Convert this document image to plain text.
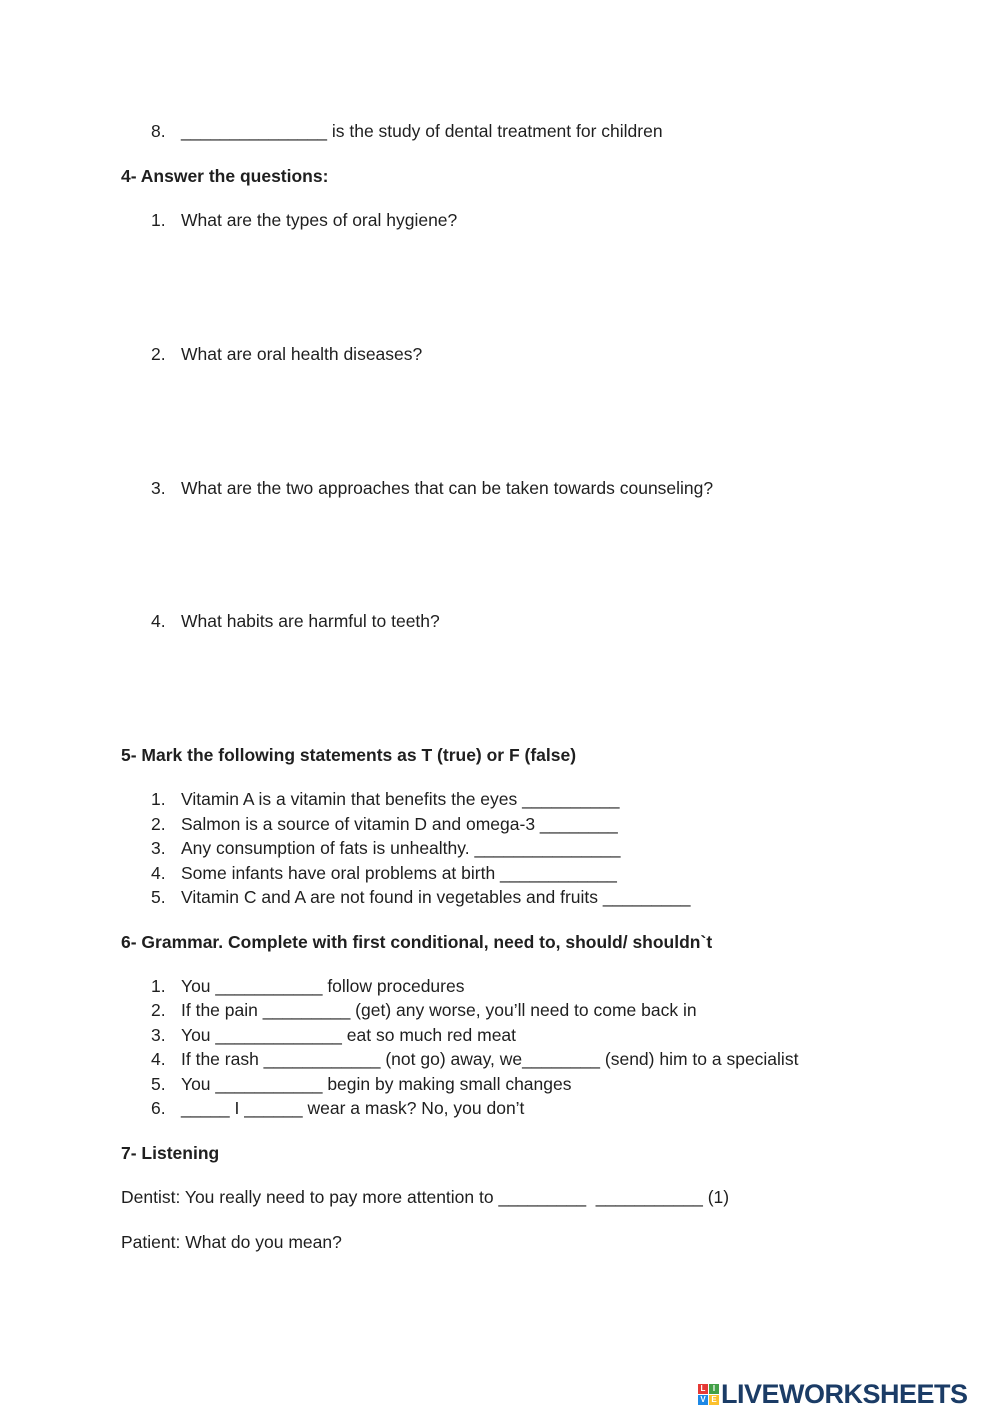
8. _______________ is the study of dental treatment for children
4- Answer the questions:
1. What are the types of oral hygiene?
2. What are oral health diseases?
3. What are the two approaches that can be taken towards counseling?
4. What habits are harmful to teeth?
5- Mark the following statements as T (true) or F (false)
1. Vitamin A is a vitamin that benefits the eyes __________
2. Salmon is a source of vitamin D and omega-3 ________
3. Any consumption of fats is unhealthy. _______________
4. Some infants have oral problems at birth ____________
5. Vitamin C and A are not found in vegetables and fruits _________
6- Grammar. Complete with first conditional, need to, should/ shouldn`t
1. You ___________ follow procedures
2. If the pain _________ (get) any worse, you’ll need to come back in
3. You _____________ eat so much red meat
4. If the rash ____________ (not go) away, we________ (send) him to a specialist
5. You ___________ begin by making small changes
6. _____ I ______ wear a mask? No, you don’t
7- Listening
Dentist: You really need to pay more attention to _________  ___________ (1)
Patient: What do you mean?
L I
V E LIVEWORKSHEETS
